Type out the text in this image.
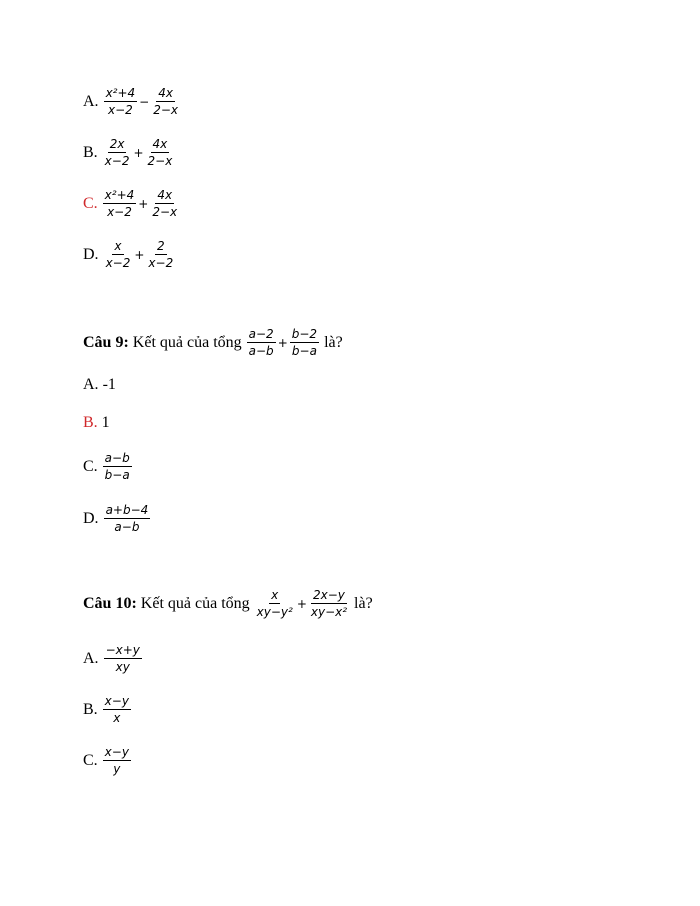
A. $\frac{\text{x²+4}}{x-2} - \frac{4x}{2-x}$
B. $\frac{2x}{x-2} + \frac{4x}{2-x}$
C. $\frac{\text{x²+4}}{x-2} + \frac{4x}{2-x}$
D. $\frac{x}{x-2} + \frac{2}{x-2}$
Câu 9: Kết quả của tổng $\frac{a-2}{a-b} + \frac{b-2}{b-a}$ là?
A. -1
B. 1
C. $\frac{a-b}{b-a}$
D. $\frac{a+b-4}{a-b}$
Câu 10: Kết quả của tổng $\frac{x}{\text{xy−y²}} + \frac{2x-y}{\text{xy−x²}}$ là?
A. $\frac{-x+y}{xy}$
B. $\frac{x-y}{x}$
C. $\frac{x-y}{y}$
